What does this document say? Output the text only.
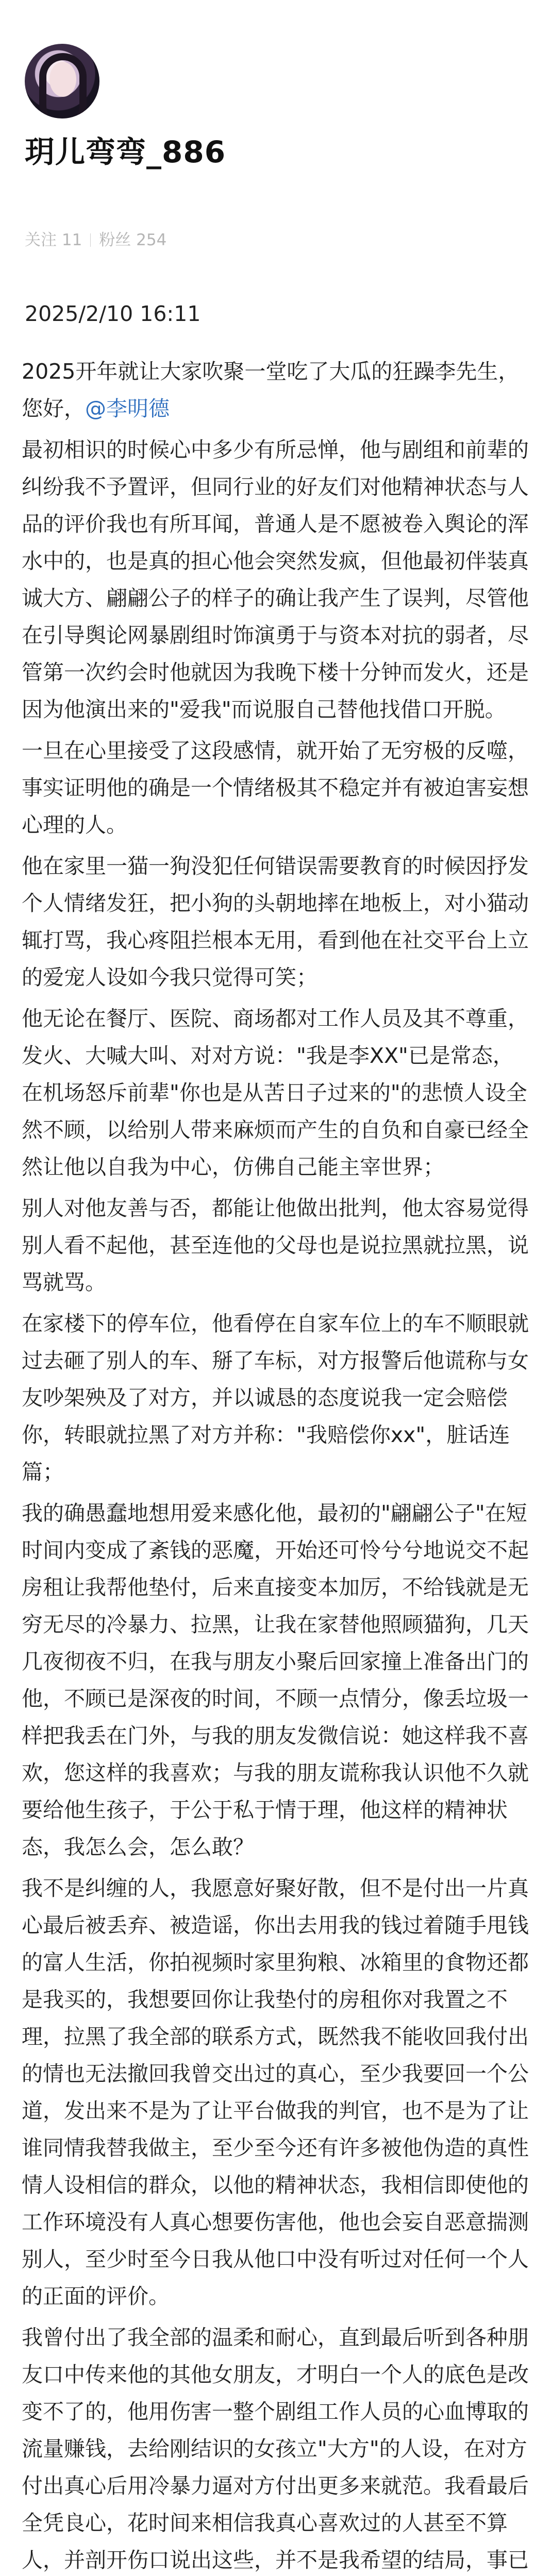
玥儿弯弯_886
关注 11 粉丝 254
2025/2/10 16:11

2025开年就让大家吹聚一堂吃了大瓜的狂躁李先生，您好，@李明德

最初相识的时候心中多少有所忌惮，他与剧组和前辈的纠纷我不予置评，但同行业的好友们对他精神状态与人品的评价我也有所耳闻，普通人是不愿被卷入舆论的浑水中的，也是真的担心他会突然发疯，但他最初伴装真诚大方、翩翩公子的样子的确让我产生了误判，尽管他在引导舆论网暴剧组时饰演勇于与资本对抗的弱者，尽管第一次约会时他就因为我晚下楼十分钟而发火，还是因为他演出来的"爱我"而说服自己替他找借口开脱。

一旦在心里接受了这段感情，就开始了无穷极的反噬，事实证明他的确是一个情绪极其不稳定并有被迫害妄想心理的人。

他在家里一猫一狗没犯任何错误需要教育的时候因抒发个人情绪发狂，把小狗的头朝地摔在地板上，对小猫动辄打骂，我心疼阻拦根本无用，看到他在社交平台上立的爱宠人设如今我只觉得可笑；

他无论在餐厅、医院、商场都对工作人员及其不尊重，发火、大喊大叫、对对方说："我是李XX"已是常态，在机场怒斥前辈"你也是从苦日子过来的"的悲愤人设全然不顾，以给别人带来麻烦而产生的自负和自豪已经全然让他以自我为中心，仿佛自己能主宰世界；

别人对他友善与否，都能让他做出批判，他太容易觉得别人看不起他，甚至连他的父母也是说拉黑就拉黑，说骂就骂。

在家楼下的停车位，他看停在自家车位上的车不顺眼就过去砸了别人的车、掰了车标，对方报警后他谎称与女友吵架殃及了对方，并以诚恳的态度说我一定会赔偿你，转眼就拉黑了对方并称："我赔偿你xx"，脏话连篇；

我的确愚蠢地想用爱来感化他，最初的"翩翩公子"在短时间内变成了紊钱的恶魔，开始还可怜兮兮地说交不起房租让我帮他垫付，后来直接变本加厉，不给钱就是无穷无尽的冷暴力、拉黑，让我在家替他照顾猫狗，几天几夜彻夜不归，在我与朋友小聚后回家撞上准备出门的他，不顾已是深夜的时间，不顾一点情分，像丢垃圾一样把我丢在门外，与我的朋友发微信说：她这样我不喜欢，您这样的我喜欢；与我的朋友谎称我认识他不久就要给他生孩子，于公于私于情于理，他这样的精神状态，我怎么会，怎么敢？

我不是纠缠的人，我愿意好聚好散，但不是付出一片真心最后被丢弃、被造谣，你出去用我的钱过着随手甩钱的富人生活，你拍视频时家里狗粮、冰箱里的食物还都是我买的，我想要回你让我垫付的房租你对我置之不理，拉黑了我全部的联系方式，既然我不能收回我付出的情也无法撤回我曾交出过的真心，至少我要回一个公道，发出来不是为了让平台做我的判官，也不是为了让谁同情我替我做主，至少至今还有许多被他伪造的真性情人设相信的群众，以他的精神状态，我相信即使他的工作环境没有人真心想要伤害他，他也会妄自恶意揣测别人，至少时至今日我从他口中没有听过对任何一个人的正面的评价。

我曾付出了我全部的温柔和耐心，直到最后听到各种朋友口中传来他的其他女朋友，才明白一个人的底色是改变不了的，他用伤害一整个剧组工作人员的心血博取的流量赚钱，去给刚结识的女孩立"大方"的人设，在对方付出真心后用冷暴力逼对方付出更多来就范。我看最后全凭良心，花时间来相信我真心喜欢过的人甚至不算人，并剖开伤口说出这些，并不是我希望的结局，事已
